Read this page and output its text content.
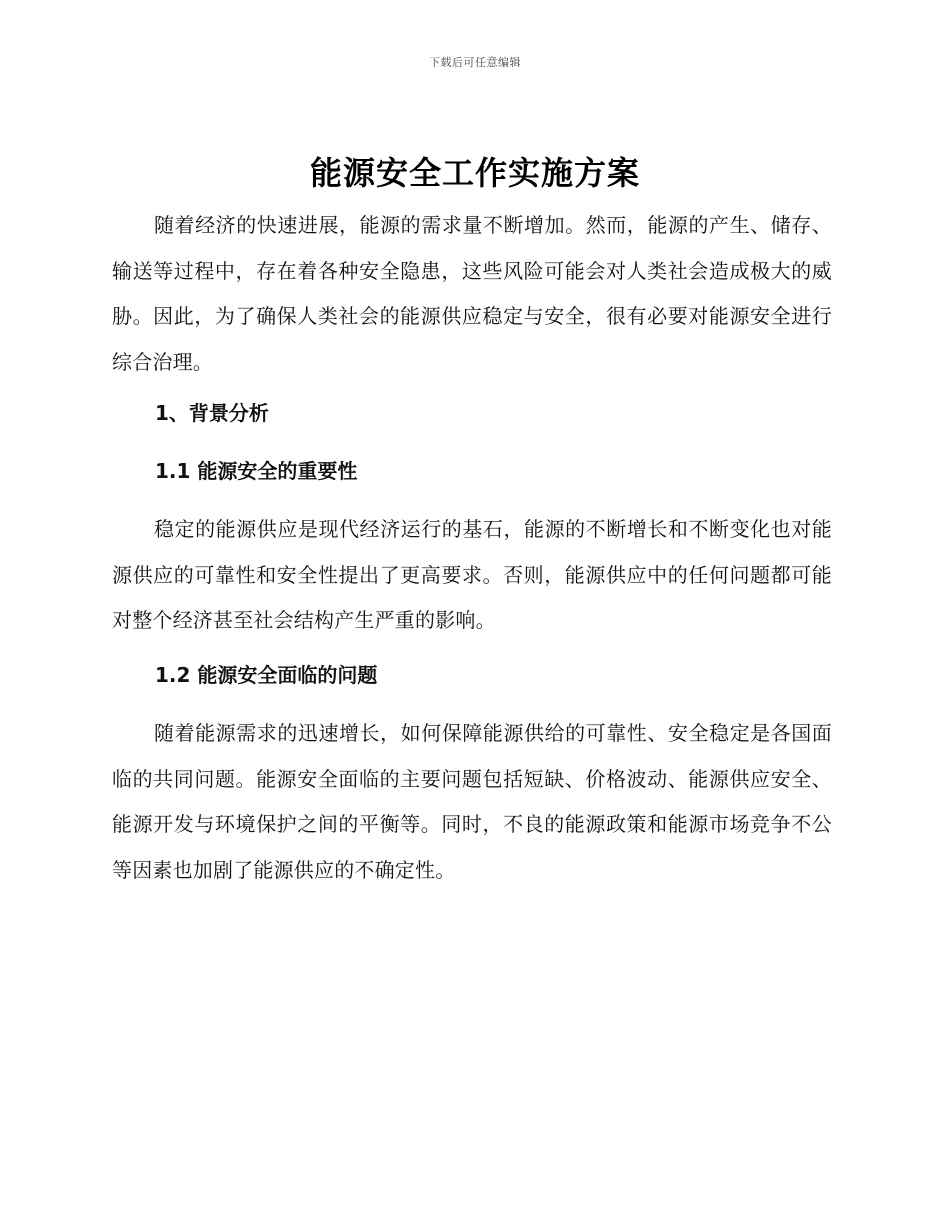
下载后可任意编辑
能源安全工作实施方案

随着经济的快速进展，能源的需求量不断增加。然而，能源的产生、储存、输送等过程中，存在着各种安全隐患，这些风险可能会对人类社会造成极大的威胁。因此，为了确保人类社会的能源供应稳定与安全，很有必要对能源安全进行综合治理。

1、背景分析
1.1 能源安全的重要性

稳定的能源供应是现代经济运行的基石，能源的不断增长和不断变化也对能源供应的可靠性和安全性提出了更高要求。否则，能源供应中的任何问题都可能对整个经济甚至社会结构产生严重的影响。

1.2 能源安全面临的问题

随着能源需求的迅速增长，如何保障能源供给的可靠性、安全稳定是各国面临的共同问题。能源安全面临的主要问题包括短缺、价格波动、能源供应安全、能源开发与环境保护之间的平衡等。同时，不良的能源政策和能源市场竞争不公等因素也加剧了能源供应的不确定性。
